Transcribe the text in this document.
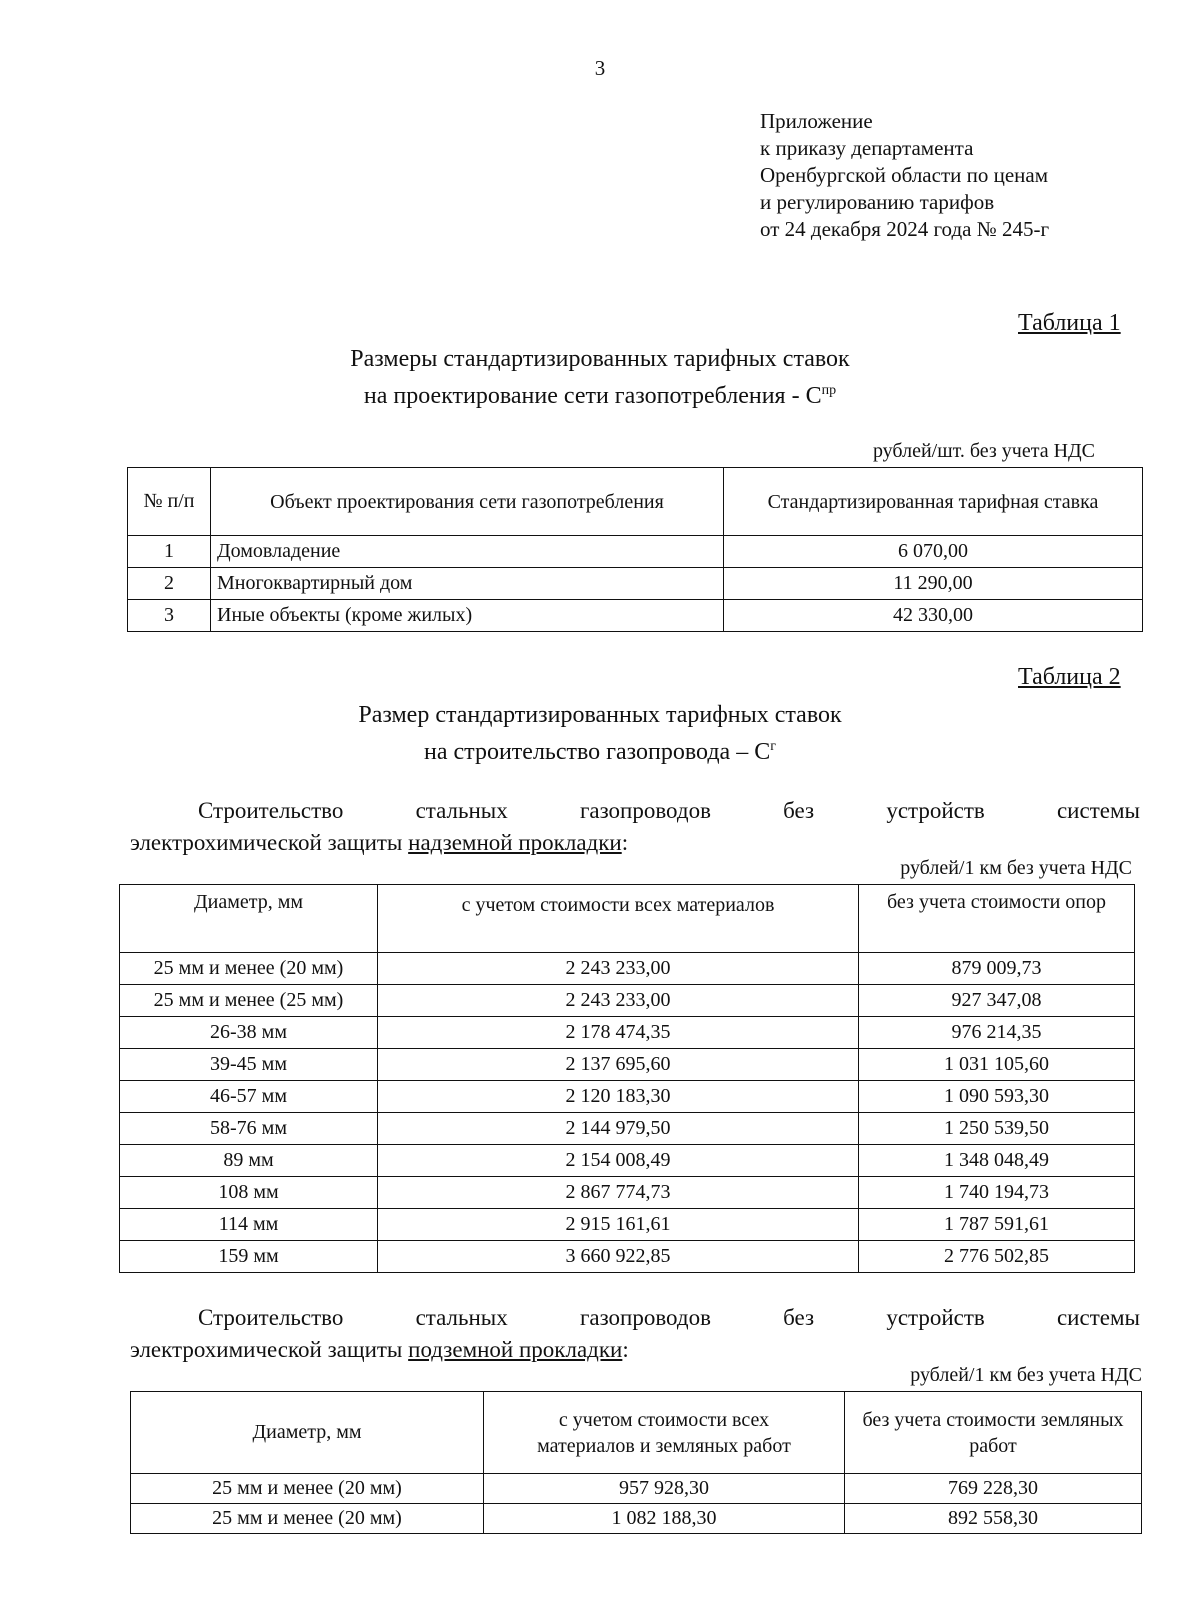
3
Приложение
к приказу департамента
Оренбургской области по ценам
и регулированию тарифов
от 24 декабря 2024 года № 245-г
Таблица 1
Размеры стандартизированных тарифных ставок
на проектирование сети газопотребления - $С^{пр}$
рублей/шт. без учета НДС
№ п/п	Объект проектирования сети газопотребления	Стандартизированная тарифная ставка
1	Домовладение	6 070,00
2	Многоквартирный дом	11 290,00
3	Иные объекты (кроме жилых)	42 330,00
Таблица 2
Размер стандартизированных тарифных ставок
на строительство газопровода – $С^г$
Строительство	стальных	газопроводов	без	устройств	системы
электрохимической защиты надземной прокладки:
рублей/1 км без учета НДС
Диаметр, мм	с учетом стоимости всех материалов	без учета стоимости опор
25 мм и менее (20 мм)	2 243 233,00	879 009,73
25 мм и менее (25 мм)	2 243 233,00	927 347,08
26-38 мм	2 178 474,35	976 214,35
39-45 мм	2 137 695,60	1 031 105,60
46-57 мм	2 120 183,30	1 090 593,30
58-76 мм	2 144 979,50	1 250 539,50
89 мм	2 154 008,49	1 348 048,49
108 мм	2 867 774,73	1 740 194,73
114 мм	2 915 161,61	1 787 591,61
159 мм	3 660 922,85	2 776 502,85
Строительство	стальных	газопроводов	без	устройств	системы
электрохимической защиты подземной прокладки:
рублей/1 км без учета НДС
Диаметр, мм	с учетом стоимости всех материалов и земляных работ	без учета стоимости земляных работ
25 мм и менее (20 мм)	957 928,30	769 228,30
25 мм и менее (20 мм)	1 082 188,30	892 558,30
